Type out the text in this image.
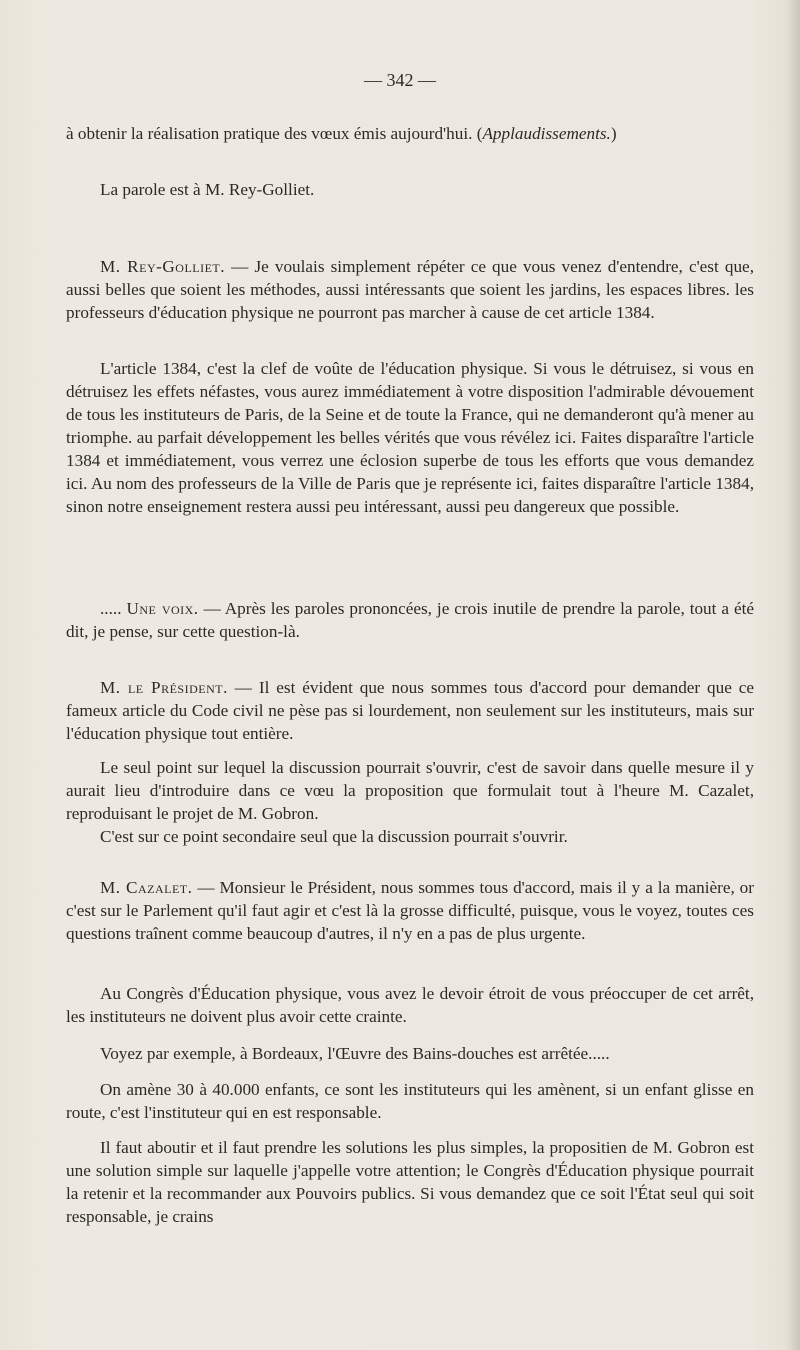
— 342 —

à obtenir la réalisation pratique des vœux émis aujourd'hui. (Applaudissements.)

La parole est à M. Rey-Golliet.

M. Rey-Golliet. — Je voulais simplement répéter ce que vous venez d'entendre, c'est que, aussi belles que soient les méthodes, aussi intéressants que soient les jardins, les espaces libres. les professeurs d'éducation physique ne pourront pas marcher à cause de cet article 1384.

L'article 1384, c'est la clef de voûte de l'éducation physique. Si vous le détruisez, si vous en détruisez les effets néfastes, vous aurez immédiatement à votre disposition l'admirable dévouement de tous les instituteurs de Paris, de la Seine et de toute la France, qui ne demanderont qu'à mener au triomphe. au parfait développement les belles vérités que vous révélez ici. Faites disparaître l'article 1384 et immédiatement, vous verrez une éclosion superbe de tous les efforts que vous demandez ici. Au nom des professeurs de la Ville de Paris que je représente ici, faites disparaître l'article 1384, sinon notre enseignement restera aussi peu intéressant, aussi peu dangereux que possible.

..... Une voix. — Après les paroles prononcées, je crois inutile de prendre la parole, tout a été dit, je pense, sur cette question-là.

M. le Président. — Il est évident que nous sommes tous d'accord pour demander que ce fameux article du Code civil ne pèse pas si lourdement, non seulement sur les instituteurs, mais sur l'éducation physique tout entière.

Le seul point sur lequel la discussion pourrait s'ouvrir, c'est de savoir dans quelle mesure il y aurait lieu d'introduire dans ce vœu la proposition que formulait tout à l'heure M. Cazalet, reproduisant le projet de M. Gobron.

C'est sur ce point secondaire seul que la discussion pourrait s'ouvrir.

M. Cazalet. — Monsieur le Président, nous sommes tous d'accord, mais il y a la manière, or c'est sur le Parlement qu'il faut agir et c'est là la grosse difficulté, puisque, vous le voyez, toutes ces questions traînent comme beaucoup d'autres, il n'y en a pas de plus urgente.

Au Congrès d'Éducation physique, vous avez le devoir étroit de vous préoccuper de cet arrêt, les instituteurs ne doivent plus avoir cette crainte.

Voyez par exemple, à Bordeaux, l'Œuvre des Bains-douches est arrêtée.....

On amène 30 à 40.000 enfants, ce sont les instituteurs qui les amènent, si un enfant glisse en route, c'est l'instituteur qui en est responsable.

Il faut aboutir et il faut prendre les solutions les plus simples, la propositien de M. Gobron est une solution simple sur laquelle j'appelle votre attention; le Congrès d'Éducation physique pourrait la retenir et la recommander aux Pouvoirs publics. Si vous demandez que ce soit l'État seul qui soit responsable, je crains
